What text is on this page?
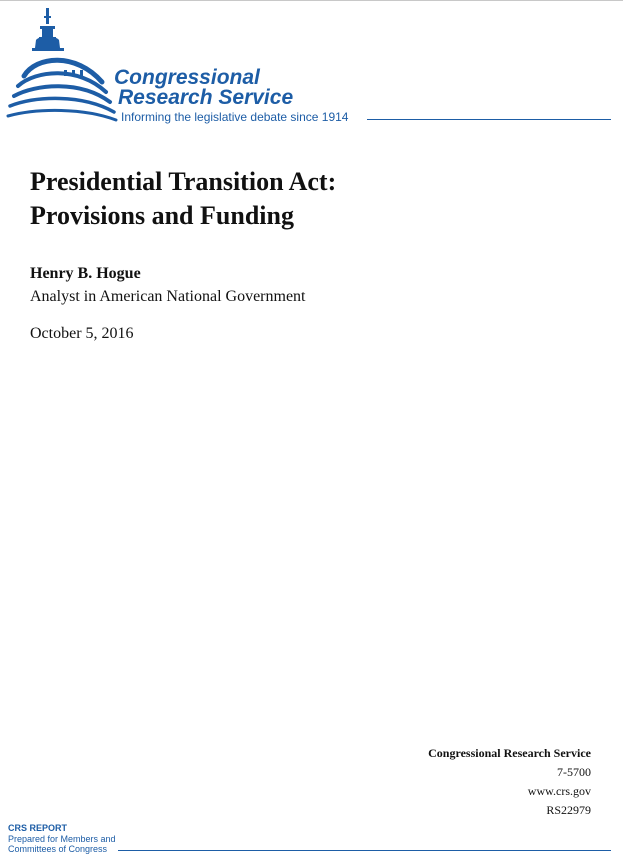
Congressional
Research Service
Informing the legislative debate since 1914
Presidential Transition Act:
Provisions and Funding
Henry B. Hogue
Analyst in American National Government
October 5, 2016
Congressional Research Service
7-5700
www.crs.gov
RS22979
CRS REPORT
Prepared for Members and
Committees of Congress
